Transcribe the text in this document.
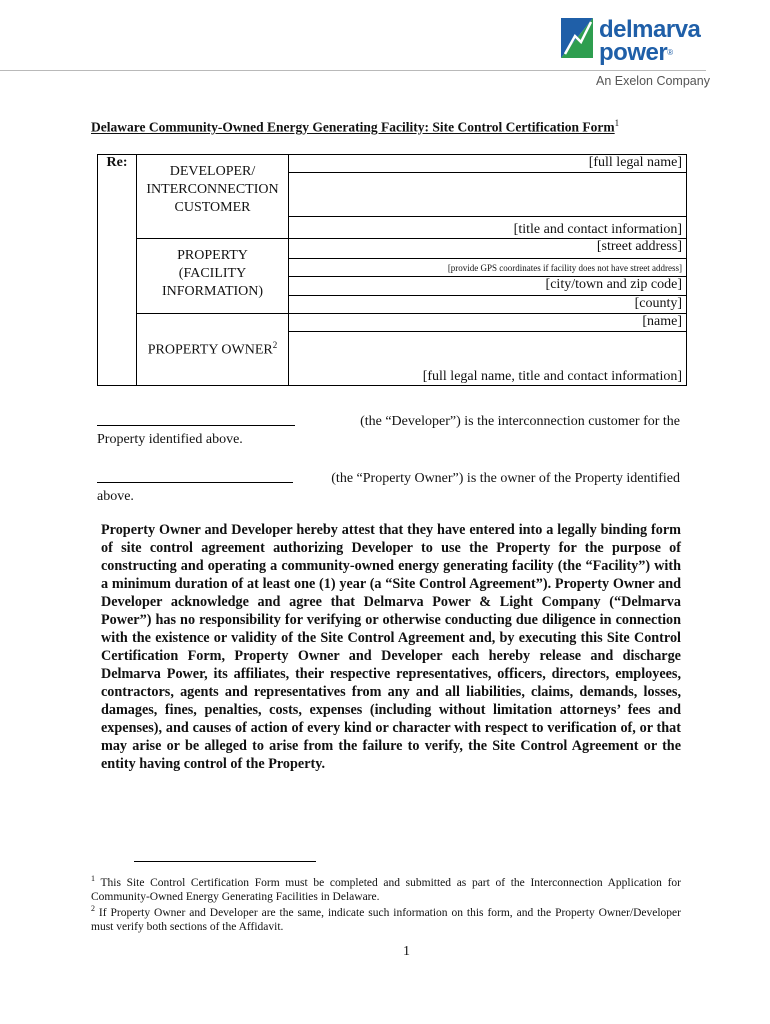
delmarva
power®
An Exelon Company
Delaware Community-Owned Energy Generating Facility: Site Control Certification Form$^1$
Re:	DEVELOPER/
INTERCONNECTION
CUSTOMER	[full legal name]

		[title and contact information]

	PROPERTY
(FACILITY
INFORMATION)	[street address]
		[provide GPS coordinates if facility does not have street address]
		[city/town and zip code]
		[county]
	PROPERTY OWNER$^2$	[name]
		[full legal name, title and contact information]
(the “Developer”) is the interconnection customer for the
Property identified above.
(the “Property Owner”) is the owner of the Property identified
above.
Property Owner and Developer hereby attest that they have entered into a legally binding form of site control agreement authorizing Developer to use the Property for the purpose of constructing and operating a community-owned energy generating facility (the “Facility”) with a minimum duration of at least one (1) year (a “Site Control Agreement”). Property Owner and Developer acknowledge and agree that Delmarva Power & Light Company (“Delmarva Power”) has no responsibility for verifying or otherwise conducting due diligence in connection with the existence or validity of the Site Control Agreement and, by executing this Site Control Certification Form, Property Owner and Developer each hereby release and discharge Delmarva Power, its affiliates, their respective representatives, officers, directors, employees, contractors, agents and representatives from any and all liabilities, claims, demands, losses, damages, fines, penalties, costs, expenses (including without limitation attorneys’ fees and expenses), and causes of action of every kind or character with respect to verification of, or that may arise or be alleged to arise from the failure to verify, the Site Control Agreement or the entity having control of the Property.
$^1$ This Site Control Certification Form must be completed and submitted as part of the Interconnection Application for Community-Owned Energy Generating Facilities in Delaware.
$^2$ If Property Owner and Developer are the same, indicate such information on this form, and the Property Owner/Developer must verify both sections of the Affidavit.
1
